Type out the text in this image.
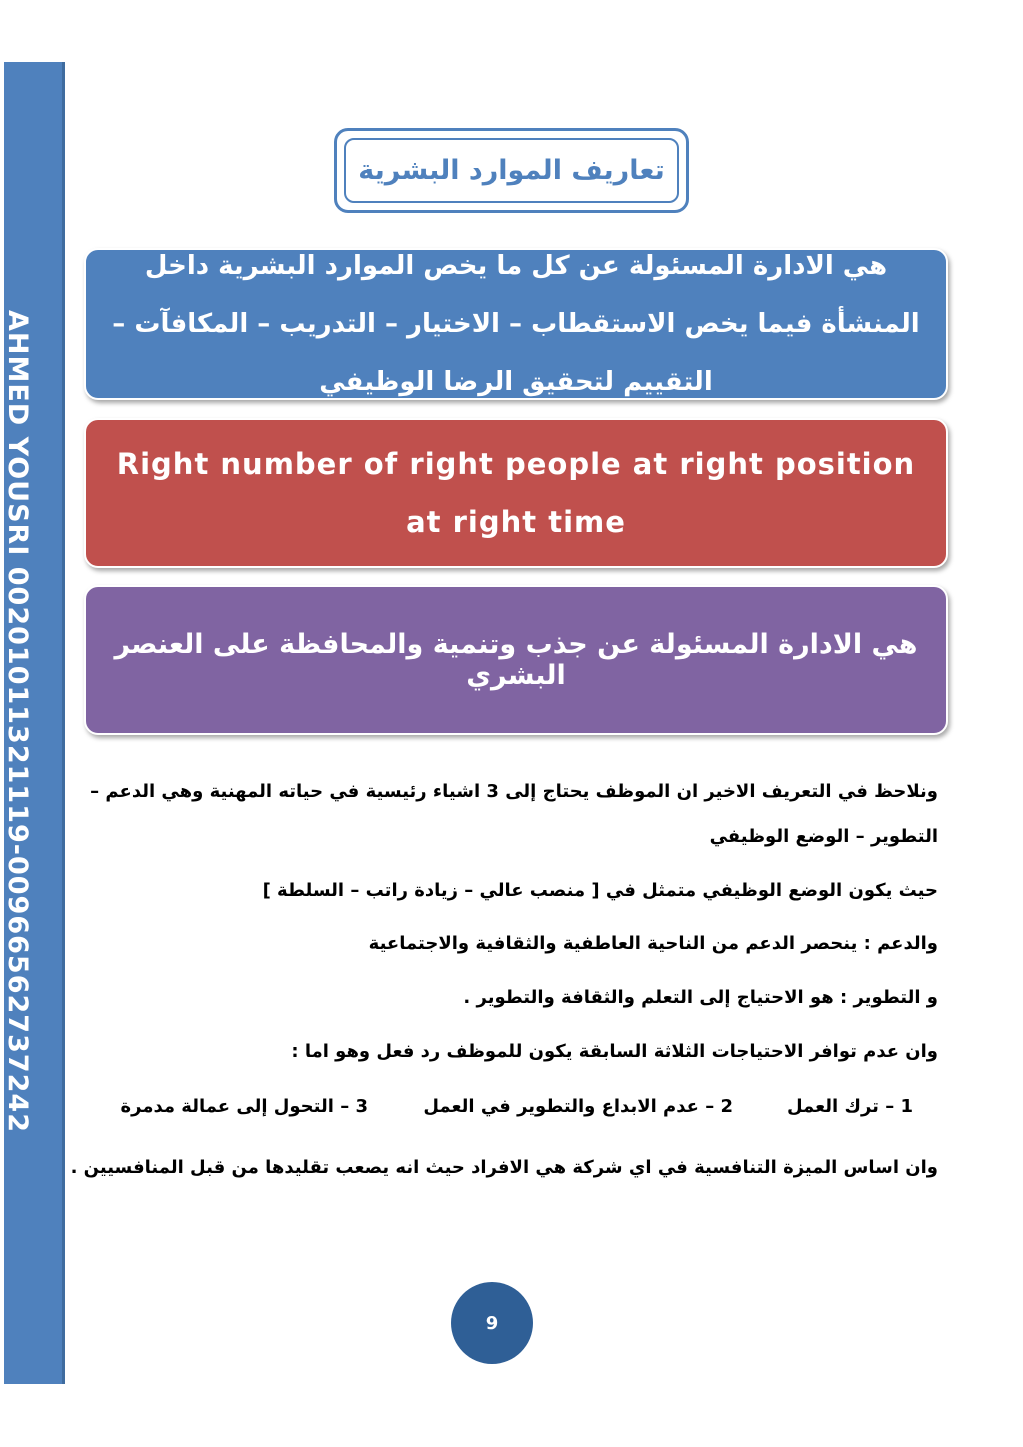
AHMED YOUSRI 00201011321119-00966562737242
تعاريف الموارد البشرية
هي الادارة المسئولة عن كل ما يخص الموارد البشرية داخل المنشأة فيما يخص الاستقطاب – الاختيار – التدريب – المكافآت – التقييم لتحقيق الرضا الوظيفي
Right number of right people at right position at right time
هي الادارة المسئولة عن جذب وتنمية والمحافظة على العنصر البشري
ونلاحظ في التعريف الاخير ان الموظف يحتاج إلى 3 اشياء رئيسية في حياته المهنية وهي الدعم –
التطوير – الوضع الوظيفي
حيث يكون الوضع الوظيفي متمثل في [ منصب عالي – زيادة راتب – السلطة ]
والدعم : ينحصر الدعم من الناحية العاطفية والثقافية والاجتماعية
و التطوير : هو الاحتياج إلى التعلم والثقافة والتطوير .
وان عدم توافر الاحتياجات الثلاثة السابقة يكون للموظف رد فعل وهو اما :
1 – ترك العمل
2 – عدم الابداع والتطوير في العمل
3 – التحول إلى عمالة مدمرة
وان اساس الميزة التنافسية في اي شركة هي الافراد حيث انه يصعب تقليدها من قبل المنافسيين .
9
